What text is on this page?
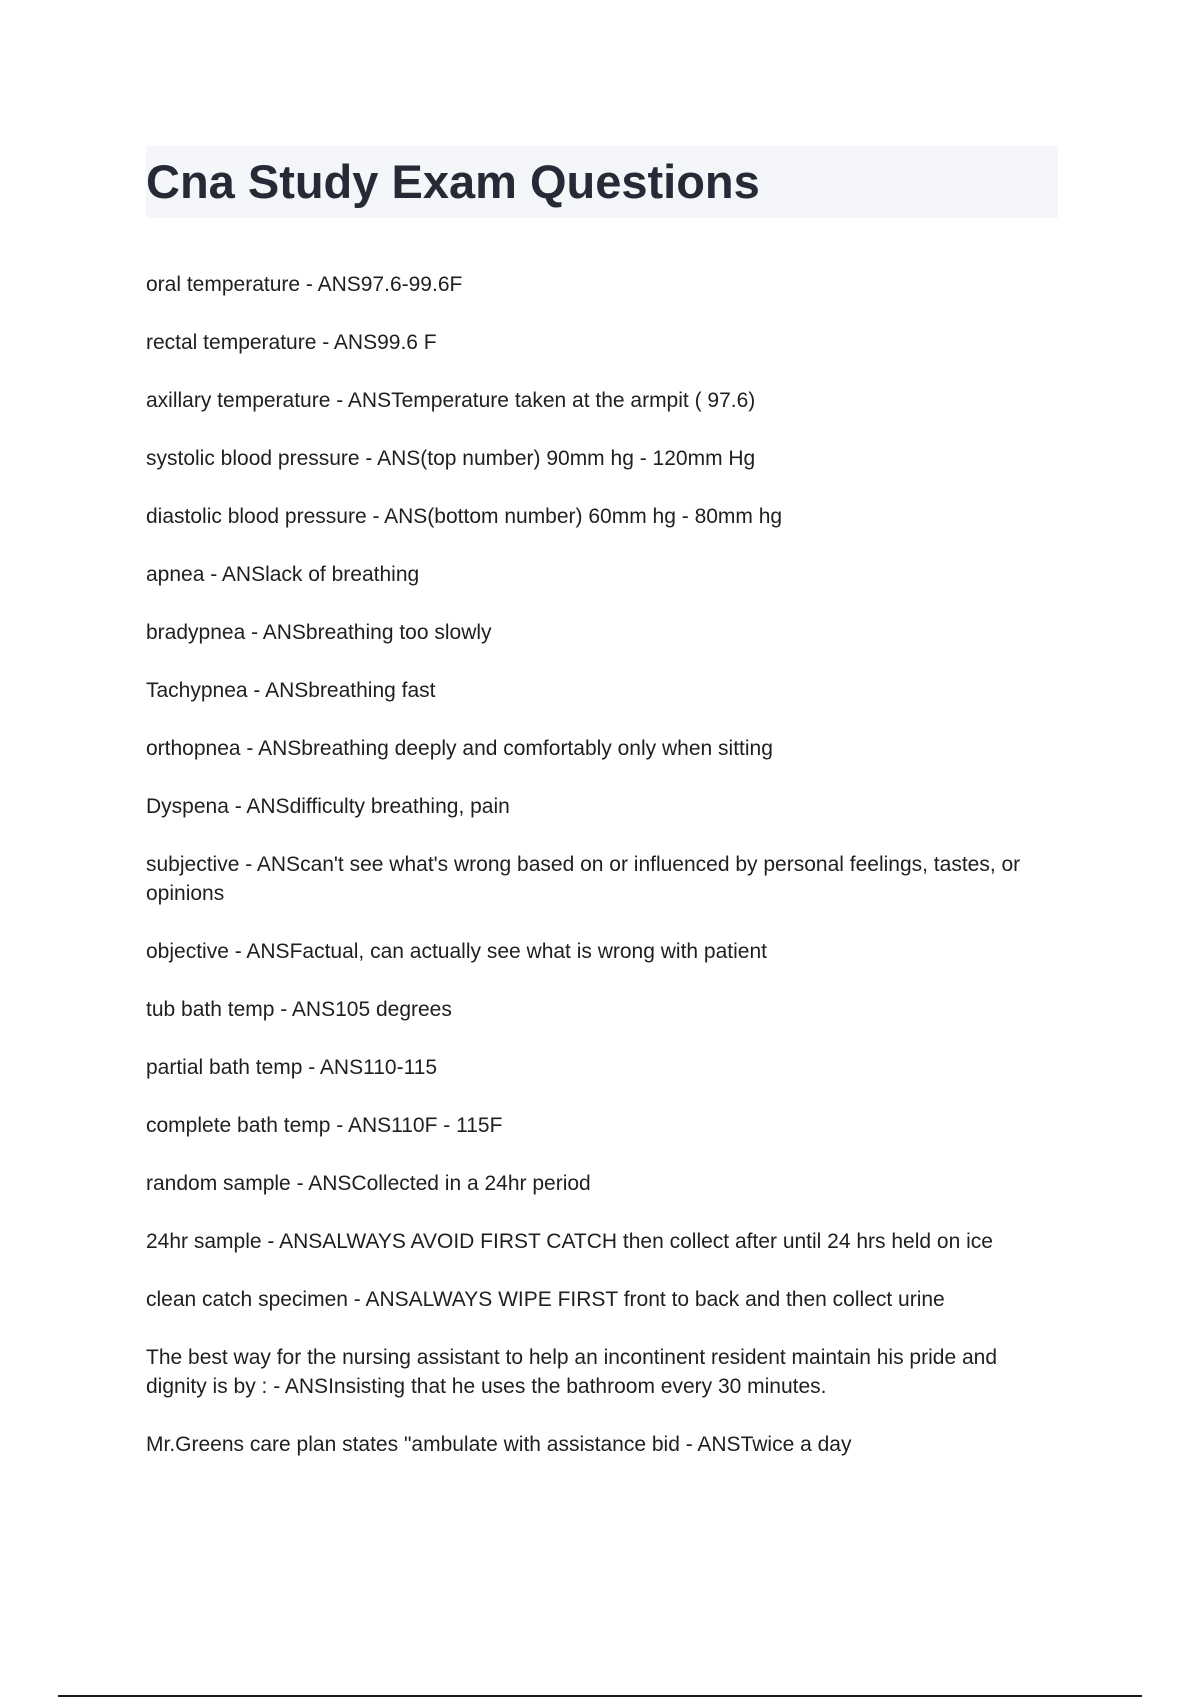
Cna Study Exam Questions
oral temperature - ANS97.6-99.6F
rectal temperature - ANS99.6 F
axillary temperature - ANSTemperature taken at the armpit ( 97.6)
systolic blood pressure - ANS(top number) 90mm hg - 120mm Hg
diastolic blood pressure - ANS(bottom number) 60mm hg - 80mm hg
apnea - ANSlack of breathing
bradypnea - ANSbreathing too slowly
Tachypnea - ANSbreathing fast
orthopnea - ANSbreathing deeply and comfortably only when sitting
Dyspena - ANSdifficulty breathing, pain
subjective - ANScan't see what's wrong based on or influenced by personal feelings, tastes, or opinions
objective - ANSFactual, can actually see what is wrong with patient
tub bath temp - ANS105 degrees
partial bath temp - ANS110-115
complete bath temp - ANS110F - 115F
random sample - ANSCollected in a 24hr period
24hr sample - ANSALWAYS AVOID FIRST CATCH then collect after until 24 hrs held on ice
clean catch specimen - ANSALWAYS WIPE FIRST front to back and then collect urine
The best way for the nursing assistant to help an incontinent resident maintain his pride and dignity is by : - ANSInsisting that he uses the bathroom every 30 minutes.
Mr.Greens care plan states "ambulate with assistance bid - ANSTwice a day
